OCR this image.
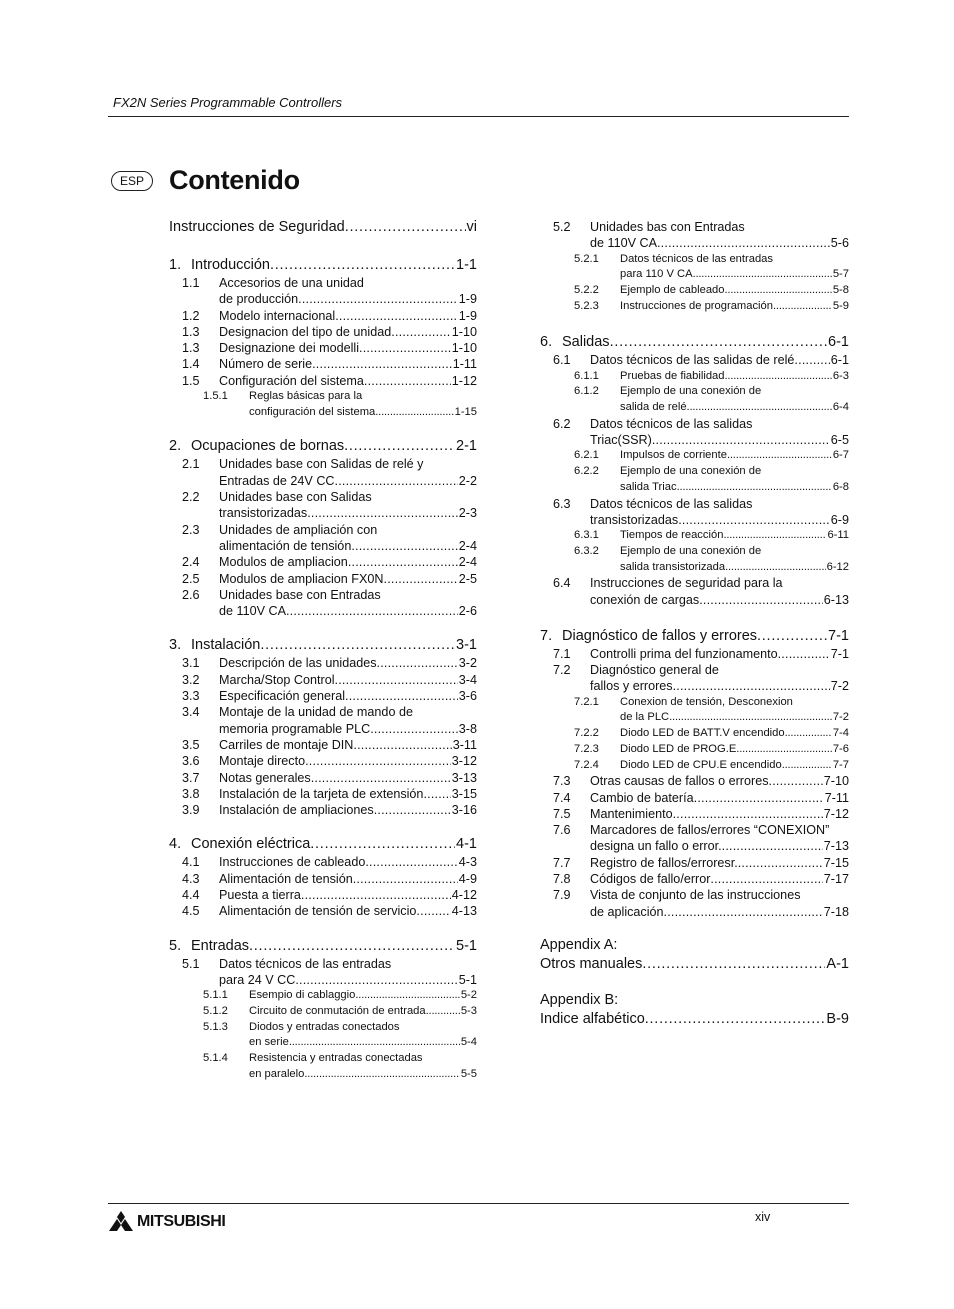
FX2N Series Programmable Controllers
ESP Contenido
Instrucciones de Seguridad . . .	vi
1. Introducción . . .	1-1
1.1	Accesorios de una unidad
de producción . . .	1-9
1.2	Modelo internacional . . .	1-9
1.3	Designacion del tipo de unidad . . .	1-10
1.3	Designazione dei modelli . . .	1-10
1.4	Número de serie . . .	1-11
1.5	Configuración del sistema . . .	1-12
1.5.1	Reglas básicas para la
configuración del sistema . . .	1-15
2. Ocupaciones de bornas . . .	2-1
2.1	Unidades base con Salidas de relé y
Entradas de 24V CC . . .	2-2
2.2	Unidades base con Salidas
transistorizadas . . .	2-3
2.3	Unidades de ampliación con
alimentación de tensión . . .	2-4
2.4	Modulos de ampliacion . . .	2-4
2.5	Modulos de ampliacion FX0N . . .	2-5
2.6	Unidades base con Entradas
de 110V CA . . .	2-6
3. Instalación . . .	3-1
3.1	Descripción de las unidades . . .	3-2
3.2	Marcha/Stop Control . . .	3-4
3.3	Especificación general . . .	3-6
3.4	Montaje de la unidad de mando de
memoria programable PLC . . .	3-8
3.5	Carriles de montaje DIN . . .	3-11
3.6	Montaje directo . . .	3-12
3.7	Notas generales . . .	3-13
3.8	Instalación de la tarjeta de extensión . . . 3-15
3.9	Instalación de ampliaciones . . .	3-16
4. Conexión eléctrica . . .	4-1
4.1	Instrucciones de cableado . . .	4-3
4.3	Alimentación de tensión . . .	4-9
4.4	Puesta a tierra . . .	4-12
4.5	Alimentación de tensión de servicio . . .	4-13
5. Entradas . . .	5-1
5.1	Datos técnicos de las entradas
para 24 V CC . . .	5-1
5.1.1	Esempio di cablaggio . . .	5-2
5.1.2	Circuito de conmutación de entrada . . .	5-3
5.1.3	Diodos y entradas conectados
en serie . . .	5-4
5.1.4	Resistencia y entradas conectadas
en paralelo . . .	5-5
5.2	Unidades bas con Entradas
de 110V CA . . .	5-6
5.2.1	Datos técnicos de las entradas
para 110 V CA . . .	5-7
5.2.2	Ejemplo de cableado . . .	5-8
5.2.3	Instrucciones de programación . . .	5-9
6. Salidas . . .	6-1
6.1	Datos técnicos de las salidas de relé . . .	6-1
6.1.1	Pruebas de fiabilidad . . .	6-3
6.1.2	Ejemplo de una conexión de
salida de relé . . .	6-4
6.2	Datos técnicos de las salidas
Triac(SSR) . . .	6-5
6.2.1	Impulsos de corriente . . .	6-7
6.2.2	Ejemplo de una conexión de
salida Triac . . .	6-8
6.3	Datos técnicos de las salidas
transistorizadas . . .	6-9
6.3.1	Tiempos de reacción . . .	6-11
6.3.2	Ejemplo de una conexión de
salida transistorizada . . .	6-12
6.4	Instrucciones de seguridad para la
conexión de cargas . . .	6-13
7. Diagnóstico de fallos y errores . . .	7-1
7.1	Controlli prima del funzionamento . . .	7-1
7.2	Diagnóstico general de
fallos y errores . . .	7-2
7.2.1	Conexion de tensión, Desconexion
de la PLC . . .	7-2
7.2.2	Diodo LED de BATT.V encendido . . .	7-4
7.2.3	Diodo LED de PROG.E . . .	7-6
7.2.4	Diodo LED de CPU.E encendido . . .	7-7
7.3	Otras causas de fallos o errores . . .	7-10
7.4	Cambio de batería . . .	7-11
7.5	Mantenimiento . . .	7-12
7.6	Marcadores de fallos/errores “CONEXION”
designa un fallo o error. . . .	7-13
7.7	Registro de fallos/erroresr. . . .	7-15
7.8	Códigos de fallo/error . . .	7-17
7.9	Vista de conjunto de las instrucciones
de aplicación . . .	7-18
Appendix A:
Otros manuales . . .	A-1
Appendix B:
Indice alfabético . . .	B-9
MITSUBISHI	xiv
